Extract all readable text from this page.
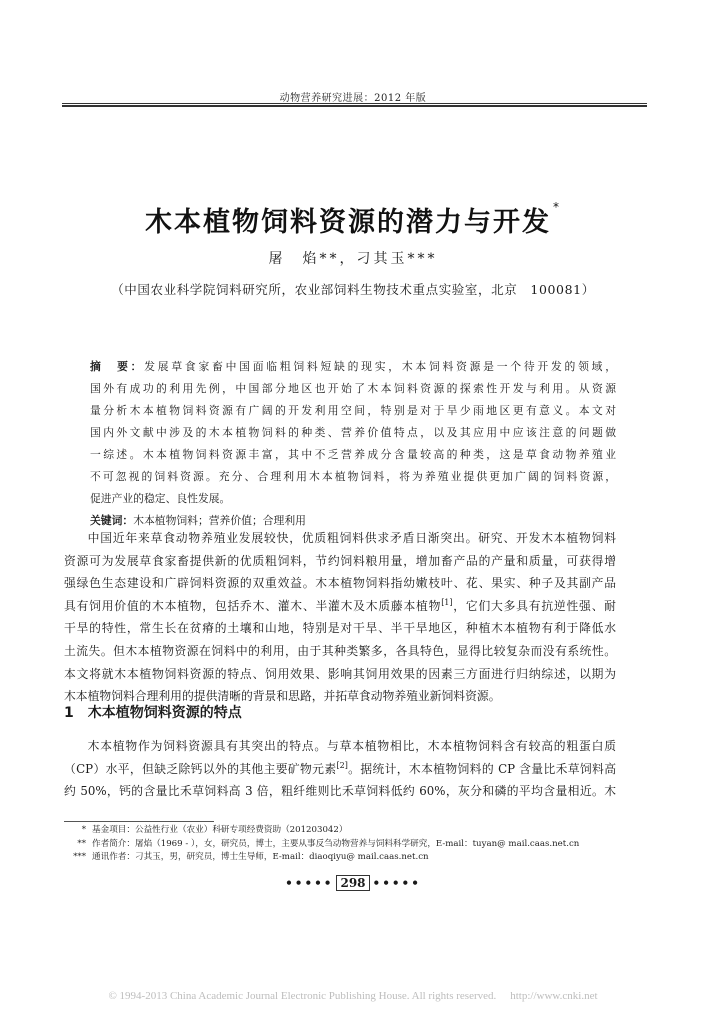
动物营养研究进展：2012 年版
木本植物饲料资源的潜力与开发 *
屠　焰**，刁其玉***
（中国农业科学院饲料研究所，农业部饲料生物技术重点实验室，北京　100081）
摘　要：发展草食家畜中国面临粗饲料短缺的现实，木本饲料资源是一个待开发的领域，
国外有成功的利用先例，中国部分地区也开始了木本饲料资源的探索性开发与利用。从资源
量分析木本植物饲料资源有广阔的开发利用空间，特别是对于旱少雨地区更有意义。本文对
国内外文献中涉及的木本植物饲料的种类、营养价值特点，以及其应用中应该注意的问题做
一综述。木本植物饲料资源丰富，其中不乏营养成分含量较高的种类，这是草食动物养殖业
不可忽视的饲料资源。充分、合理利用木本植物饲料，将为养殖业提供更加广阔的饲料资源，
促进产业的稳定、良性发展。
关键词：木本植物饲料；营养价值；合理利用
中国近年来草食动物养殖业发展较快，优质粗饲料供求矛盾日渐突出。研究、开发木本植物饲料
资源可为发展草食家畜提供新的优质粗饲料，节约饲料粮用量，增加畜产品的产量和质量，可获得增
强绿色生态建设和广辟饲料资源的双重效益。木本植物饲料指幼嫩枝叶、花、果实、种子及其副产品
具有饲用价值的木本植物，包括乔木、灌木、半灌木及木质藤本植物[1]，它们大多具有抗逆性强、耐
干旱的特性，常生长在贫瘠的土壤和山地，特别是对干旱、半干旱地区，种植木本植物有利于降低水
土流失。但木本植物资源在饲料中的利用，由于其种类繁多，各具特色，显得比较复杂而没有系统性。
本文将就木本植物饲料资源的特点、饲用效果、影响其饲用效果的因素三方面进行归纳综述，以期为
木本植物饲料合理利用的提供清晰的背景和思路，并拓草食动物养殖业新饲料资源。
1　木本植物饲料资源的特点
木本植物作为饲料资源具有其突出的特点。与草本植物相比，木本植物饲料含有较高的粗蛋白质
（CP）水平，但缺乏除钙以外的其他主要矿物元素[2]。据统计，木本植物饲料的 CP 含量比禾草饲料高
约 50%，钙的含量比禾草饲料高 3 倍，粗纤维则比禾草饲料低约 60%，灰分和磷的平均含量相近。木
* 基金项目：公益性行业（农业）科研专项经费资助（201203042）
** 作者简介：屠焰（1969 - ），女，研究员，博士，主要从事反刍动物营养与饲料科学研究，E-mail：tuyan@ mail.caas.net.cn
*** 通讯作者：刁其玉，男，研究员，博士生导师，E-mail：diaoqiyu@ mail.caas.net.cn
••••• 298 •••••
© 1994-2013 China Academic Journal Electronic Publishing House. All rights reserved. http://www.cnki.net
